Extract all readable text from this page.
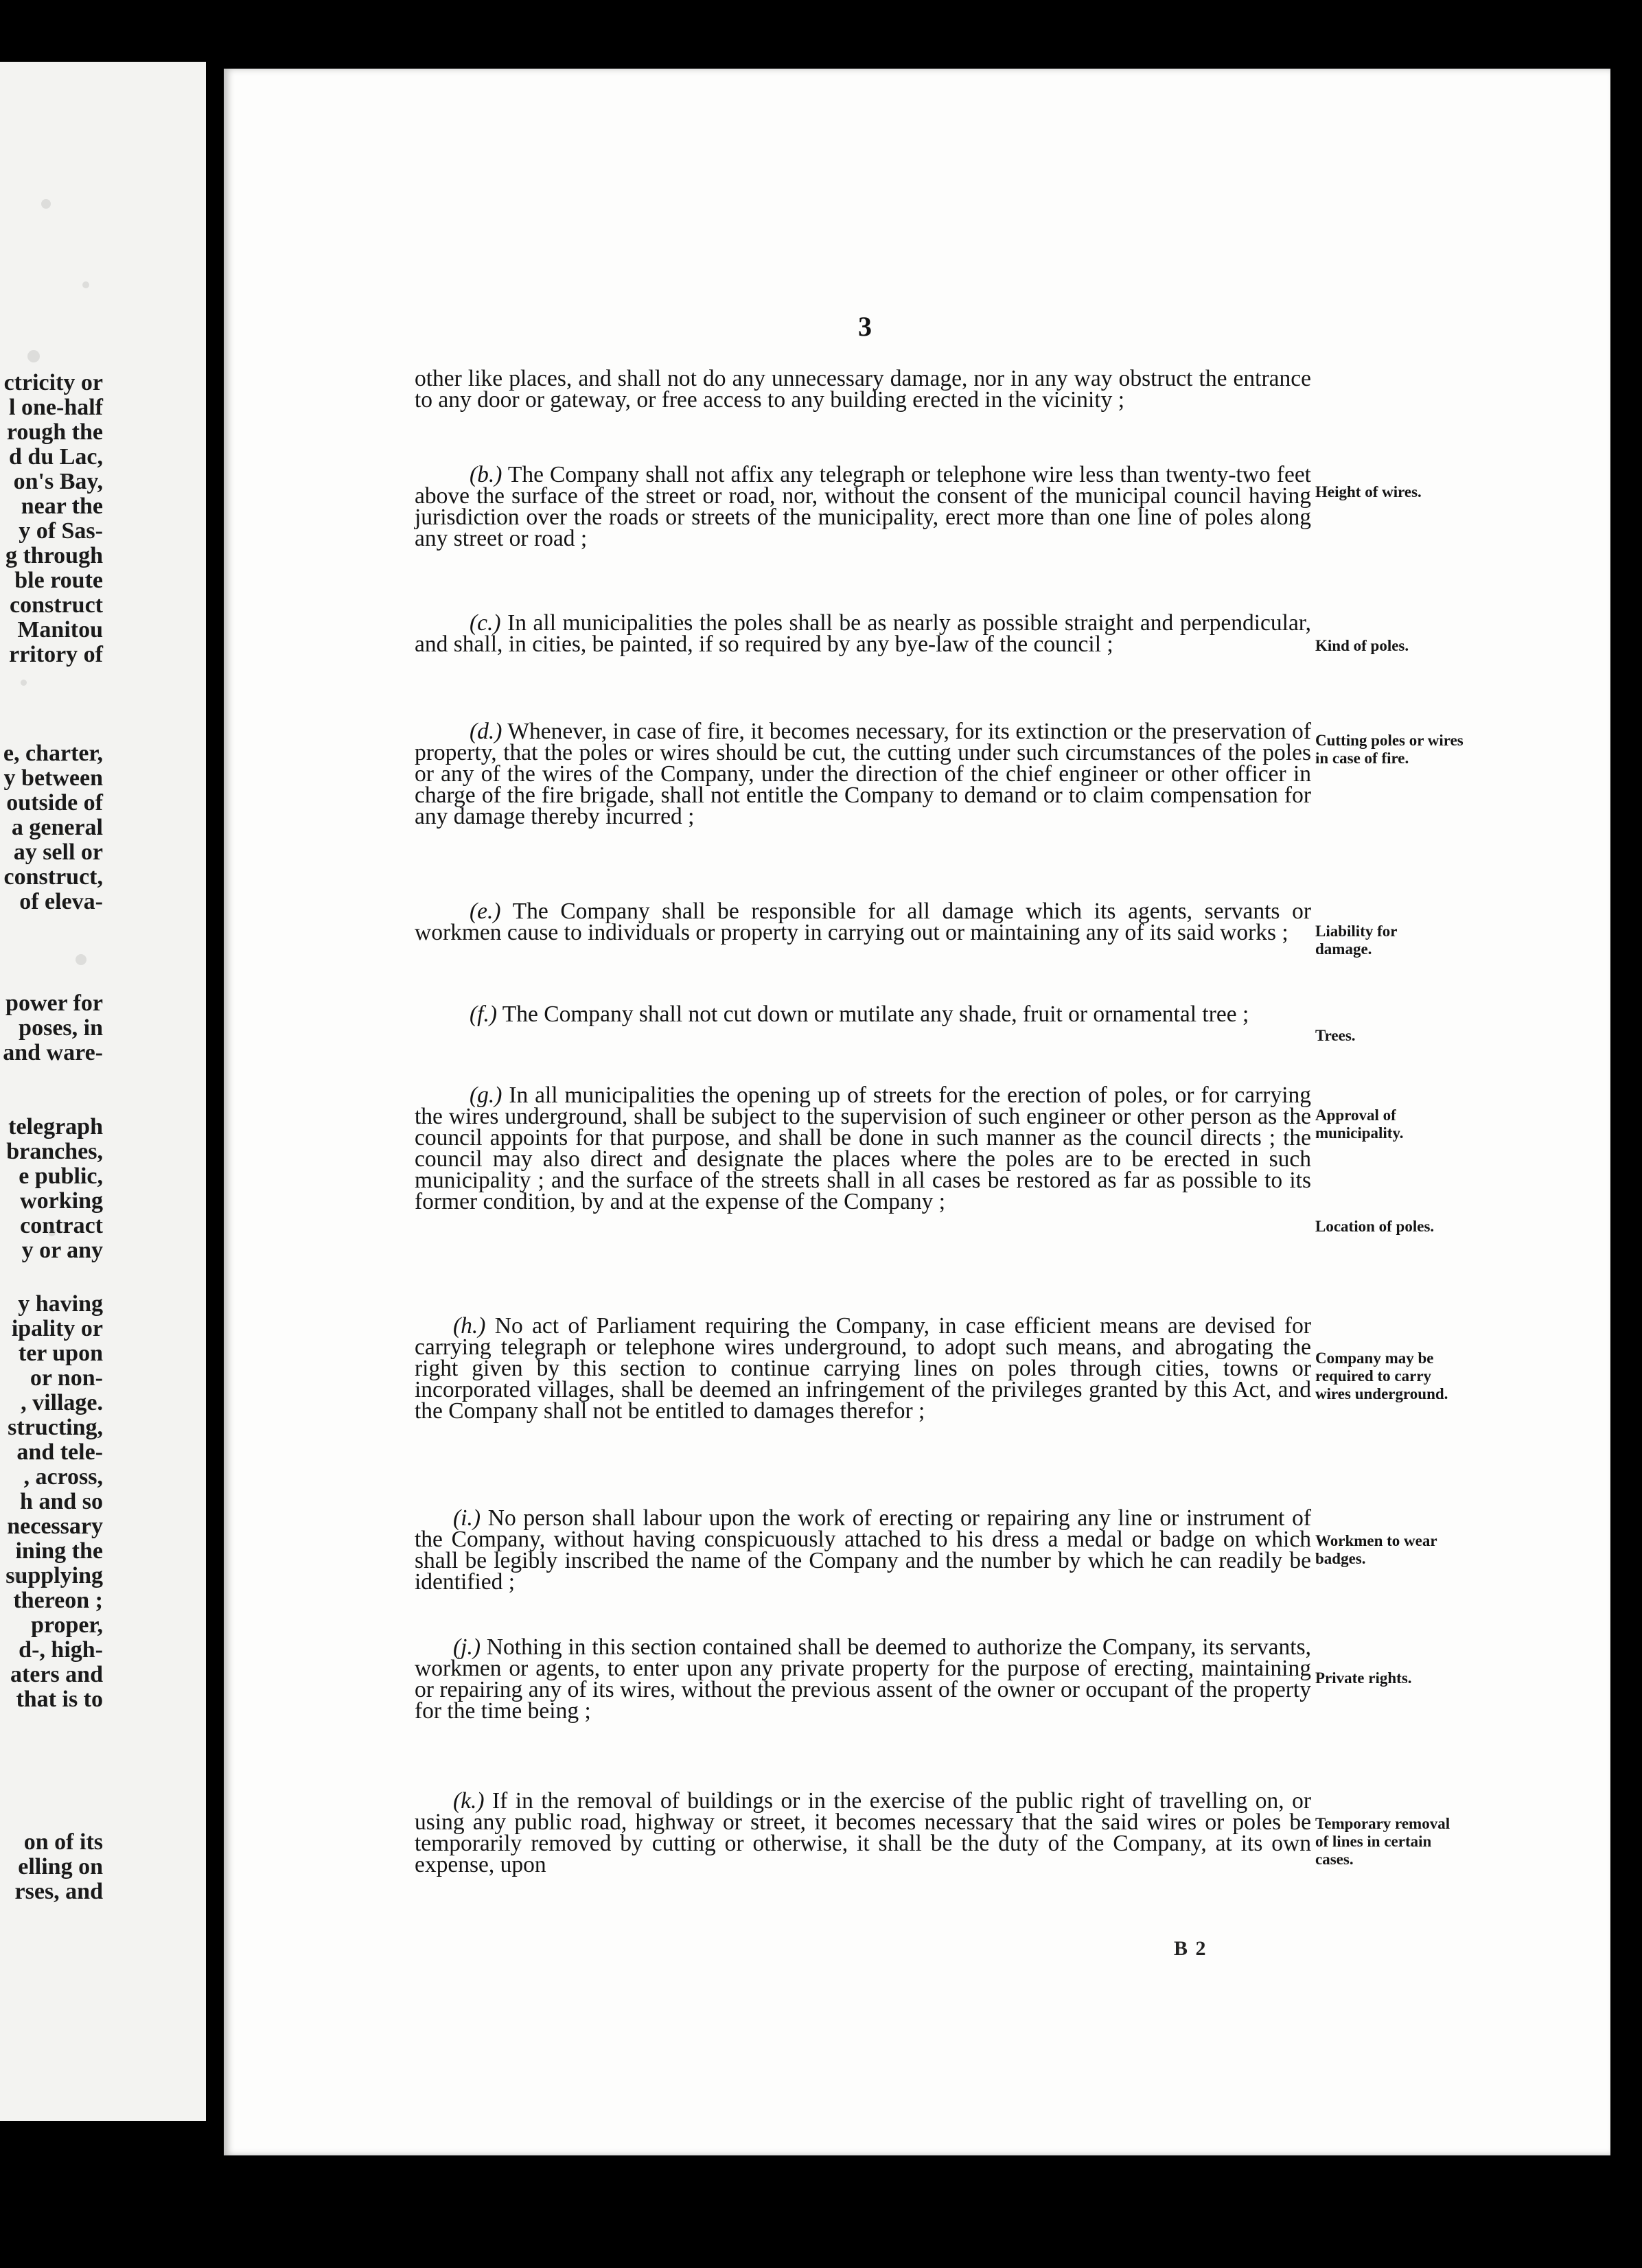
ctricity or
l one-half
rough the
d du Lac,
on's Bay,
near the
y of Sas-
g through
ble route
construct
Manitou
rritory of
e, charter,
y between
outside of
a general
ay sell or
construct,
of eleva-
power for
poses, in
and ware-
telegraph
branches,
e public,
working
contract
y or any
y having
ipality or
ter upon
or non-
, village.
structing,
and tele-
, across,
h and so
necessary
ining the
supplying
thereon ;
proper,
d-, high-
aters and
that is to
on of its
elling on
rses, and
3
other like places, and shall not do any unnecessary damage, nor in any way obstruct the entrance to any door or gateway, or free access to any building erected in the vicinity ;
(b.) The Company shall not affix any telegraph or telephone wire less than twenty-two feet above the surface of the street or road, nor, without the consent of the municipal council having jurisdiction over the roads or streets of the municipality, erect more than one line of poles along any street or road ;
(c.) In all municipalities the poles shall be as nearly as possible straight and perpendicular, and shall, in cities, be painted, if so required by any bye-law of the council ;
(d.) Whenever, in case of fire, it becomes necessary, for its extinction or the preservation of property, that the poles or wires should be cut, the cutting under such circumstances of the poles or any of the wires of the Company, under the direction of the chief engineer or other officer in charge of the fire brigade, shall not entitle the Company to demand or to claim compensation for any damage thereby incurred ;
(e.) The Company shall be responsible for all damage which its agents, servants or workmen cause to individuals or property in carrying out or maintaining any of its said works ;
(f.) The Company shall not cut down or mutilate any shade, fruit or ornamental tree ;
(g.) In all municipalities the opening up of streets for the erection of poles, or for carrying the wires underground, shall be subject to the supervision of such engineer or other person as the council appoints for that purpose, and shall be done in such manner as the council directs ; the council may also direct and designate the places where the poles are to be erected in such municipality ; and the surface of the streets shall in all cases be restored as far as possible to its former condition, by and at the expense of the Company ;
(h.) No act of Parliament requiring the Company, in case efficient means are devised for carrying telegraph or telephone wires underground, to adopt such means, and abrogating the right given by this section to continue carrying lines on poles through cities, towns or incorporated villages, shall be deemed an infringement of the privileges granted by this Act, and the Company shall not be entitled to damages therefor ;
(i.) No person shall labour upon the work of erecting or repairing any line or instrument of the Company, without having conspicuously attached to his dress a medal or badge on which shall be legibly inscribed the name of the Company and the number by which he can readily be identified ;
(j.) Nothing in this section contained shall be deemed to authorize the Company, its servants, workmen or agents, to enter upon any private property for the purpose of erecting, maintaining or repairing any of its wires, without the previous assent of the owner or occupant of the property for the time being ;
(k.) If in the removal of buildings or in the exercise of the public right of travelling on, or using any public road, highway or street, it becomes necessary that the said wires or poles be temporarily removed by cutting or otherwise, it shall be the duty of the Company, at its own expense, upon
Height of wires.
Kind of poles.
Cutting poles or wires in case of fire.
Liability for damage.
Trees.
Approval of municipality.
Location of poles.
Company may be required to carry wires underground.
Workmen to wear badges.
Private rights.
Temporary removal of lines in certain cases.
B 2
